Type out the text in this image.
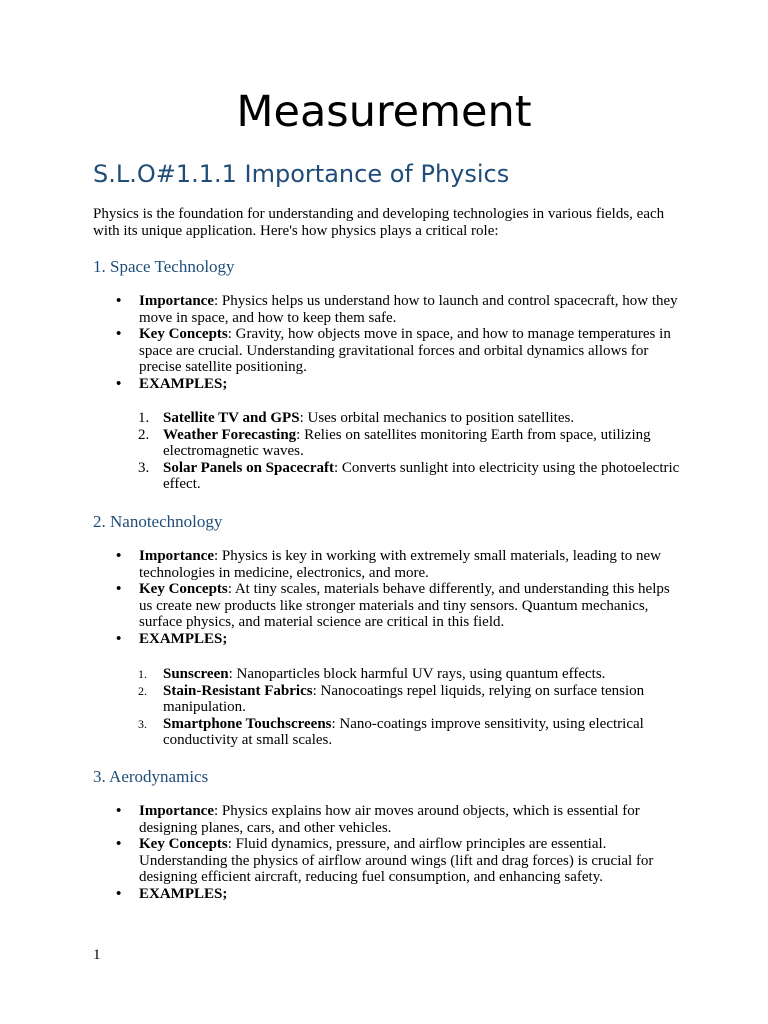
Measurement
S.L.O#1.1.1 Importance of Physics

Physics is the foundation for understanding and developing technologies in various fields, each with its unique application. Here's how physics plays a critical role:

1. Space Technology
•	Importance: Physics helps us understand how to launch and control spacecraft, how they move in space, and how to keep them safe.
•	Key Concepts: Gravity, how objects move in space, and how to manage temperatures in space are crucial. Understanding gravitational forces and orbital dynamics allows for precise satellite positioning.
•	EXAMPLES;
1. Satellite TV and GPS: Uses orbital mechanics to position satellites.
2. Weather Forecasting: Relies on satellites monitoring Earth from space, utilizing electromagnetic waves.
3. Solar Panels on Spacecraft: Converts sunlight into electricity using the photoelectric effect.
2. Nanotechnology
•	Importance: Physics is key in working with extremely small materials, leading to new technologies in medicine, electronics, and more.
•	Key Concepts: At tiny scales, materials behave differently, and understanding this helps us create new products like stronger materials and tiny sensors. Quantum mechanics, surface physics, and material science are critical in this field.
•	EXAMPLES;
1.	Sunscreen: Nanoparticles block harmful UV rays, using quantum effects.
2.	Stain-Resistant Fabrics: Nanocoatings repel liquids, relying on surface tension manipulation.
3.	Smartphone Touchscreens: Nano-coatings improve sensitivity, using electrical conductivity at small scales.
3. Aerodynamics
•	Importance: Physics explains how air moves around objects, which is essential for designing planes, cars, and other vehicles.
•	Key Concepts: Fluid dynamics, pressure, and airflow principles are essential. Understanding the physics of airflow around wings (lift and drag forces) is crucial for designing efficient aircraft, reducing fuel consumption, and enhancing safety.
•	EXAMPLES;
1
